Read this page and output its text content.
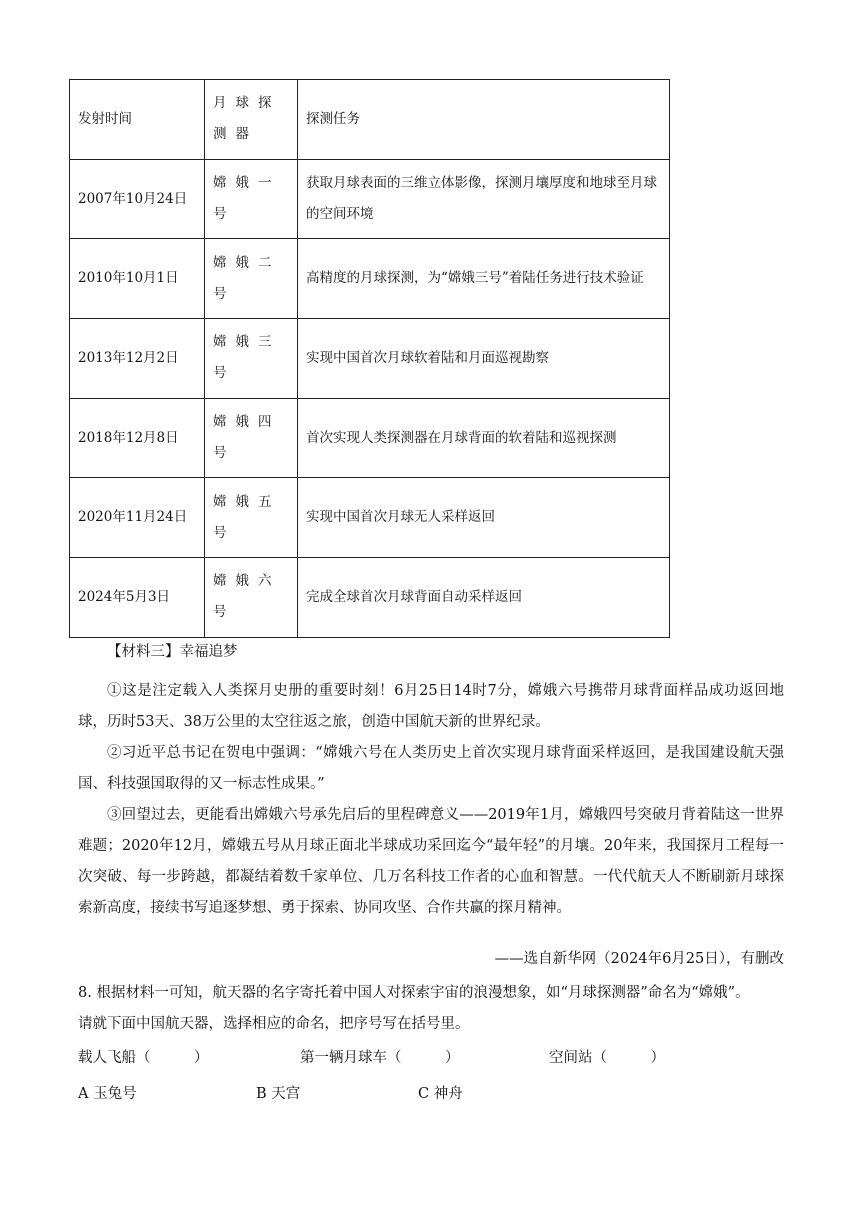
发射时间	月球探测器	探测任务
2007年10月24日	嫦娥一号	获取月球表面的三维立体影像，探测月壤厚度和地球至月球的空间环境
2010年10月1日	嫦娥二号	高精度的月球探测，为“嫦娥三号”着陆任务进行技术验证
2013年12月2日	嫦娥三号	实现中国首次月球软着陆和月面巡视勘察
2018年12月8日	嫦娥四号	首次实现人类探测器在月球背面的软着陆和巡视探测
2020年11月24日	嫦娥五号	实现中国首次月球无人采样返回
2024年5月3日	嫦娥六号	完成全球首次月球背面自动采样返回
【材料三】幸福追梦
①这是注定载入人类探月史册的重要时刻！6月25日14时7分，嫦娥六号携带月球背面样品成功返回地球，历时53天、38万公里的太空往返之旅，创造中国航天新的世界纪录。
②习近平总书记在贺电中强调：“嫦娥六号在人类历史上首次实现月球背面采样返回，是我国建设航天强国、科技强国取得的又一标志性成果。”
③回望过去，更能看出嫦娥六号承先启后的里程碑意义——2019年1月，嫦娥四号突破月背着陆这一世界难题；2020年12月，嫦娥五号从月球正面北半球成功采回迄今“最年轻”的月壤。20年来，我国探月工程每一次突破、每一步跨越，都凝结着数千家单位、几万名科技工作者的心血和智慧。一代代航天人不断刷新月球探索新高度，接续书写追逐梦想、勇于探索、协同攻坚、合作共赢的探月精神。
——选自新华网（2024年6月25日），有删改
8. 根据材料一可知，航天器的名字寄托着中国人对探索宇宙的浪漫想象，如“月球探测器”命名为“嫦娥”。
请就下面中国航天器，选择相应的命名，把序号写在括号里。
载人飞船（　　　）	第一辆月球车（　　　）	空间站（　　　）
A 玉兔号	B 天宫	C 神舟
